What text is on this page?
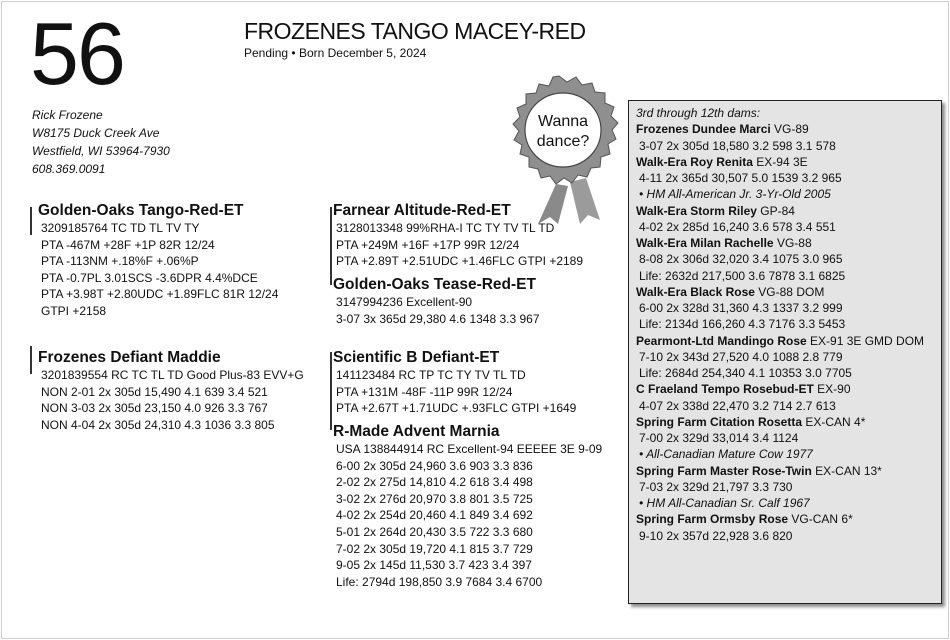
56	FROZENES TANGO MACEY-RED
Pending • Born December 5, 2024
Rick Frozene
W8175 Duck Creek Ave
Westfield, WI 53964-7930
608.369.0091
Wanna
dance?
Golden-Oaks Tango-Red-ET
3209185764 TC TD TL TV TY
PTA -467M +28F +1P 82R 12/24
PTA -113NM +.18%F +.06%P
PTA -0.7PL 3.01SCS -3.6DPR 4.4%DCE
PTA +3.98T +2.80UDC +1.89FLC 81R 12/24
GTPI +2158
Frozenes Defiant Maddie
3201839554 RC TC TL TD Good Plus-83 EVV+G
NON 2-01 2x 305d 15,490 4.1 639 3.4 521
NON 3-03 2x 305d 23,150 4.0 926 3.3 767
NON 4-04 2x 305d 24,310 4.3 1036 3.3 805
Farnear Altitude-Red-ET
3128013348 99%RHA-I TC TY TV TL TD
PTA +249M +16F +17P 99R 12/24
PTA +2.89T +2.51UDC +1.46FLC GTPI +2189
Golden-Oaks Tease-Red-ET
3147994236 Excellent-90
3-07 3x 365d 29,380 4.6 1348 3.3 967
Scientific B Defiant-ET
141123484 RC TP TC TY TV TL TD
PTA +131M -48F -11P 99R 12/24
PTA +2.67T +1.71UDC +.93FLC GTPI +1649
R-Made Advent Marnia
USA 138844914 RC Excellent-94 EEEEE 3E 9-09
6-00 2x 305d 24,960 3.6 903 3.3 836
2-02 2x 275d 14,810 4.2 618 3.4 498
3-02 2x 276d 20,970 3.8 801 3.5 725
4-02 2x 254d 20,460 4.1 849 3.4 692
5-01 2x 264d 20,430 3.5 722 3.3 680
7-02 2x 305d 19,720 4.1 815 3.7 729
9-05 2x 145d 11,530 3.7 423 3.4 397
Life: 2794d 198,850 3.9 7684 3.4 6700
3rd through 12th dams:
Frozenes Dundee Marci VG-89
3-07 2x 305d 18,580 3.2 598 3.1 578
Walk-Era Roy Renita EX-94 3E
4-11 2x 365d 30,507 5.0 1539 3.2 965
• HM All-American Jr. 3-Yr-Old 2005
Walk-Era Storm Riley GP-84
4-02 2x 285d 16,240 3.6 578 3.4 551
Walk-Era Milan Rachelle VG-88
8-08 2x 306d 32,020 3.4 1075 3.0 965
Life: 2632d 217,500 3.6 7878 3.1 6825
Walk-Era Black Rose VG-88 DOM
6-00 2x 328d 31,360 4.3 1337 3.2 999
Life: 2134d 166,260 4.3 7176 3.3 5453
Pearmont-Ltd Mandingo Rose EX-91 3E GMD DOM
7-10 2x 343d 27,520 4.0 1088 2.8 779
Life: 2684d 254,340 4.1 10353 3.0 7705
C Fraeland Tempo Rosebud-ET EX-90
4-07 2x 338d 22,470 3.2 714 2.7 613
Spring Farm Citation Rosetta EX-CAN 4*
7-00 2x 329d 33,014 3.4 1124
• All-Canadian Mature Cow 1977
Spring Farm Master Rose-Twin EX-CAN 13*
7-03 2x 329d 21,797 3.3 730
• HM All-Canadian Sr. Calf 1967
Spring Farm Ormsby Rose VG-CAN 6*
9-10 2x 357d 22,928 3.6 820
